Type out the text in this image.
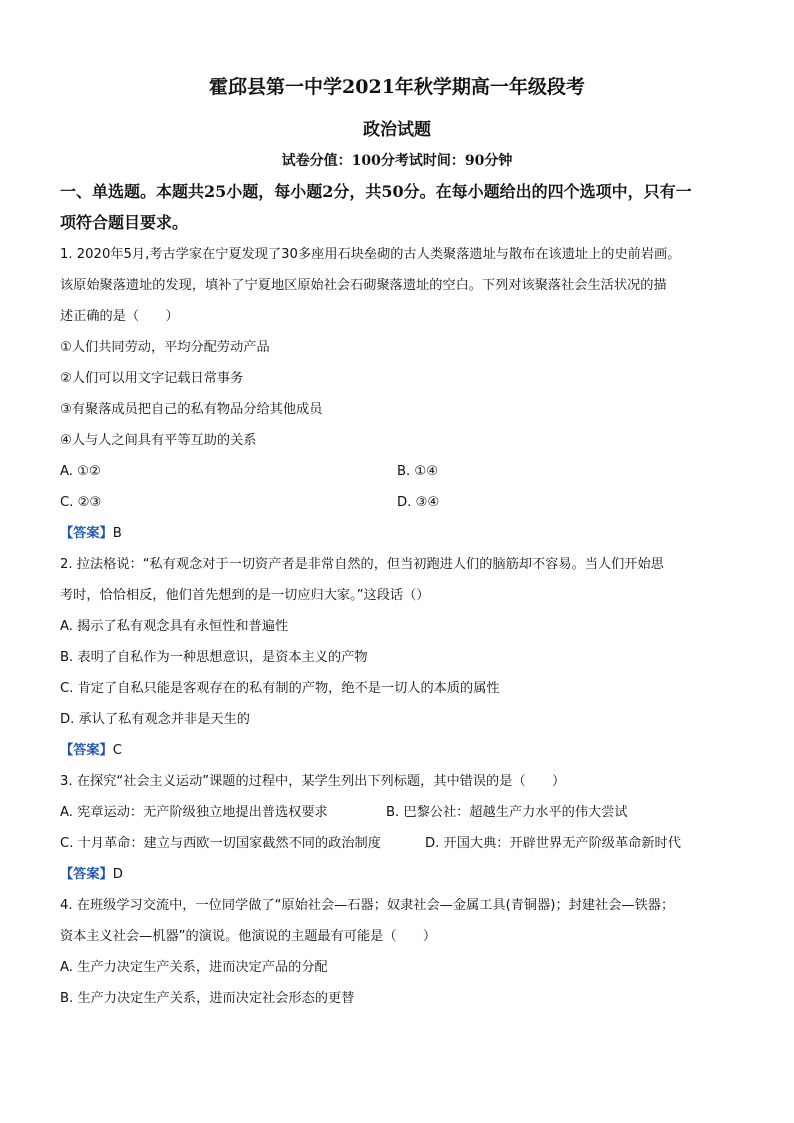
霍邱县第一中学2021年秋学期高一年级段考
政治试题
试卷分值：100分考试时间：90分钟
一、单选题。本题共25小题，每小题2分，共50分。在每小题给出的四个选项中，只有一
项符合题目要求。
1. 2020年5月,考古学家在宁夏发现了30多座用石块垒砌的古人类聚落遗址与散布在该遗址上的史前岩画。
该原始聚落遗址的发现，填补了宁夏地区原始社会石砌聚落遗址的空白。下列对该聚落社会生活状况的描
述正确的是（　　）
①人们共同劳动，平均分配劳动产品
②人们可以用文字记载日常事务
③有聚落成员把自己的私有物品分给其他成员
④人与人之间具有平等互助的关系
A. ①②	B. ①④
C. ②③	D. ③④
【答案】B
2. 拉法格说：“私有观念对于一切资产者是非常自然的，但当初跑进人们的脑筋却不容易。当人们开始思
考时，恰恰相反，他们首先想到的是一切应归大家。”这段话（）
A. 揭示了私有观念具有永恒性和普遍性
B. 表明了自私作为一种思想意识，是资本主义的产物
C. 肯定了自私只能是客观存在的私有制的产物，绝不是一切人的本质的属性
D. 承认了私有观念并非是天生的
【答案】C
3. 在探究“社会主义运动”课题的过程中，某学生列出下列标题，其中错误的是（　　）
A. 宪章运动：无产阶级独立地提出普选权要求	B. 巴黎公社：超越生产力水平的伟大尝试
C. 十月革命：建立与西欧一切国家截然不同的政治制度	D. 开国大典：开辟世界无产阶级革命新时代
【答案】D
4. 在班级学习交流中，一位同学做了“原始社会—石器；奴隶社会—金属工具(青铜器)；封建社会—铁器；
资本主义社会—机器”的演说。他演说的主题最有可能是（　　）
A. 生产力决定生产关系，进而决定产品的分配
B. 生产力决定生产关系，进而决定社会形态的更替
